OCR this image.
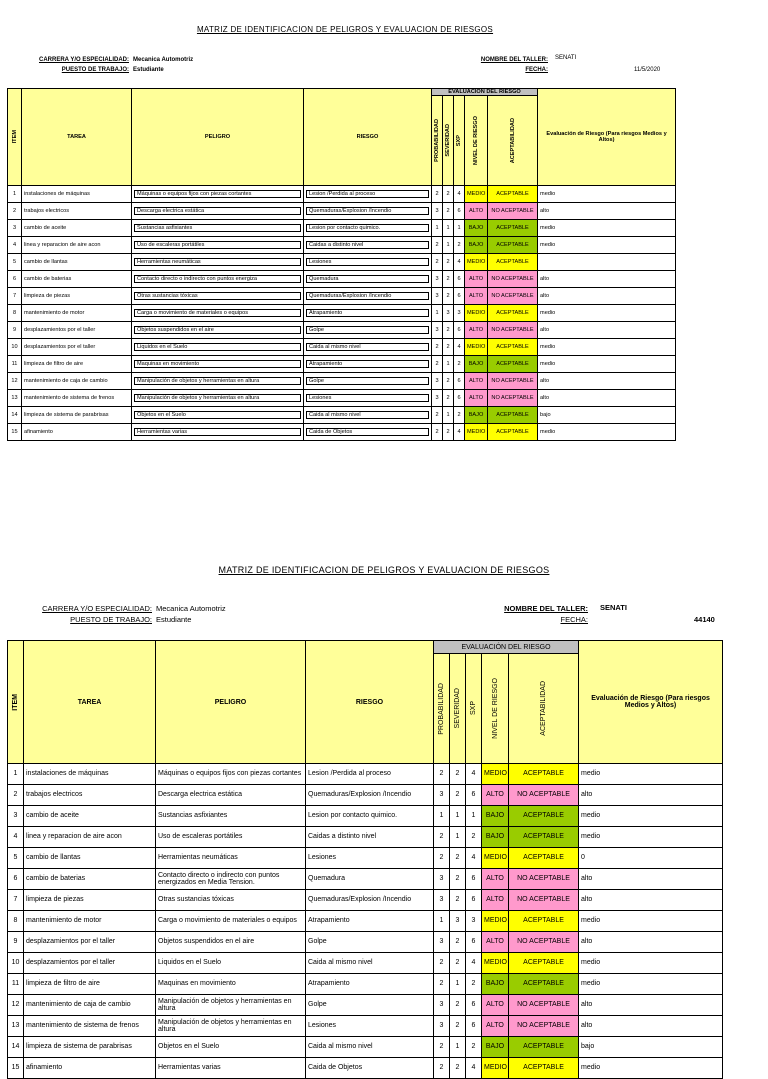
MATRIZ DE IDENTIFICACION DE PELIGROS Y EVALUACION DE RIESGOS
CARRERA Y/O ESPECIALIDAD: Mecanica Automotriz
PUESTO DE TRABAJO: Estudiante
NOMBRE DEL TALLER: SENATI
FECHA:	11/5/2020
ITEM	TAREA	PELIGRO	RIESGO	EVALUACIÓN DEL RIESGO					Evaluación de Riesgo (Para riesgos Medios y Altos)

				PROBABILIDAD	SEVERIDAD	SXP	NIVEL DE RIESGO	ACEPTABILIDAD	

1	instalaciones de máquinas	Máquinas o equipos fijos con piezas cortantes	Lesion /Perdida al proceso	2	2	4	MEDIO	ACEPTABLE	medio
2	trabajos electricos	Descarga electrica estática	Quemaduras/Explosion /Incendio	3	2	6	ALTO	NO ACEPTABLE	alto
3	cambio de aceite	Sustancias asfixiantes	Lesion por contacto quimico.	1	1	1	BAJO	ACEPTABLE	medio
4	linea y reparacion de aire acon	Uso de escaleras portátiles	Caidas a distinto nivel	2	1	2	BAJO	ACEPTABLE	medio
5	cambio de llantas	Herramientas neumáticas	Lesiones	2	2	4	MEDIO	ACEPTABLE	
6	cambio de baterias	Contacto directo o indirecto con puntos energiza	Quemadura	3	2	6	ALTO	NO ACEPTABLE	alto
7	limpieza de piezas	Otras sustancias tóxicas	Quemaduras/Explosion /Incendio	3	2	6	ALTO	NO ACEPTABLE	alto
8	mantenimiento de motor	Carga o movimiento de materiales o equipos	Atrapamiento	1	3	3	MEDIO	ACEPTABLE	medio
9	desplazamientos por el taller	Objetos suspendidos en el aire	Golpe	3	2	6	ALTO	NO ACEPTABLE	alto
10	desplazamientos por el taller	Liquidos en el Suelo	Caida al mismo nivel	2	2	4	MEDIO	ACEPTABLE	medio
11	limpieza de filtro de aire	Maquinas en movimiento	Atrapamiento	2	1	2	BAJO	ACEPTABLE	medio
12	mantenimiento de caja de cambio	Manipulación de objetos y herramientas en altura	Golpe	3	2	6	ALTO	NO ACEPTABLE	alto
13	mantenimiento de sistema de frenos	Manipulación de objetos y herramientas en altura	Lesiones	3	2	6	ALTO	NO ACEPTABLE	alto
14	limpieza de sistema de parabrisas	Objetos en el Suelo	Caida al mismo nivel	2	1	2	BAJO	ACEPTABLE	bajo
15	afinamiento	Herramientas varias	Caida de Objetos	2	2	4	MEDIO	ACEPTABLE	medio
MATRIZ DE IDENTIFICACION DE PELIGROS Y EVALUACION DE RIESGOS
CARRERA Y/O ESPECIALIDAD: Mecanica Automotriz
PUESTO DE TRABAJO: Estudiante
NOMBRE DEL TALLER: SENATI
FECHA:	44140
ITEM	TAREA	PELIGRO	RIESGO	EVALUACIÓN DEL RIESGO					Evaluación de Riesgo (Para riesgos Medios y Altos)

				PROBABILIDAD	SEVERIDAD	SXP	NIVEL DE RIESGO	ACEPTABILIDAD	

1	instalaciones de máquinas	Máquinas o equipos fijos con piezas cortantes	Lesion /Perdida al proceso	2	2	4	MEDIO	ACEPTABLE	medio
2	trabajos electricos	Descarga electrica estática	Quemaduras/Explosion /Incendio	3	2	6	ALTO	NO ACEPTABLE	alto
3	cambio de aceite	Sustancias asfixiantes	Lesion por contacto quimico.	1	1	1	BAJO	ACEPTABLE	medio
4	linea y reparacion de aire acon	Uso de escaleras portátiles	Caidas a distinto nivel	2	1	2	BAJO	ACEPTABLE	medio
5	cambio de llantas	Herramientas neumáticas	Lesiones	2	2	4	MEDIO	ACEPTABLE	0
6	cambio de baterias	Contacto directo o indirecto con puntos energizados en Media Tension.	Quemadura	3	2	6	ALTO	NO ACEPTABLE	alto
7	limpieza de piezas	Otras sustancias tóxicas	Quemaduras/Explosion /Incendio	3	2	6	ALTO	NO ACEPTABLE	alto
8	mantenimiento de motor	Carga o movimiento de materiales o equipos	Atrapamiento	1	3	3	MEDIO	ACEPTABLE	medio
9	desplazamientos por el taller	Objetos suspendidos en el aire	Golpe	3	2	6	ALTO	NO ACEPTABLE	alto
10	desplazamientos por el taller	Liquidos en el Suelo	Caida al mismo nivel	2	2	4	MEDIO	ACEPTABLE	medio
11	limpieza de filtro de aire	Maquinas en movimiento	Atrapamiento	2	1	2	BAJO	ACEPTABLE	medio
12	mantenimiento de caja de cambio	Manipulación de objetos y herramientas en altura	Golpe	3	2	6	ALTO	NO ACEPTABLE	alto
13	mantenimiento de sistema de frenos	Manipulación de objetos y herramientas en altura	Lesiones	3	2	6	ALTO	NO ACEPTABLE	alto
14	limpieza de sistema de parabrisas	Objetos en el Suelo	Caida al mismo nivel	2	1	2	BAJO	ACEPTABLE	bajo
15	afinamiento	Herramientas varias	Caida de Objetos	2	2	4	MEDIO	ACEPTABLE	medio
